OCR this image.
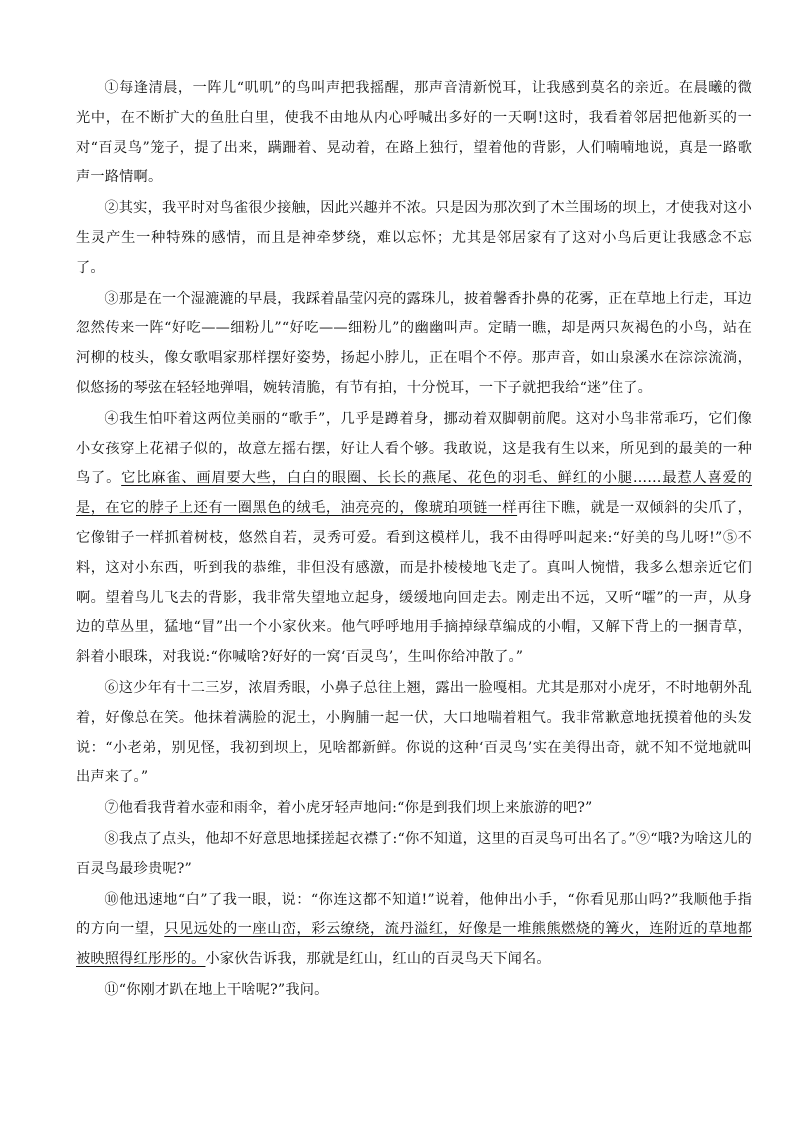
①每逢清晨，一阵儿“叽叽”的鸟叫声把我摇醒，那声音清新悦耳，让我感到莫名的亲近。在晨曦的微光中，在不断扩大的鱼肚白里，使我不由地从内心呼喊出多好的一天啊!这时，我看着邻居把他新买的一对“百灵鸟”笼子，提了出来，蹒跚着、晃动着，在路上独行，望着他的背影，人们喃喃地说，真是一路歌声一路情啊。

②其实，我平时对鸟雀很少接触，因此兴趣并不浓。只是因为那次到了木兰围场的坝上，才使我对这小生灵产生一种特殊的感情，而且是神牵梦绕，难以忘怀；尤其是邻居家有了这对小鸟后更让我感念不忘了。

③那是在一个湿漉漉的早晨，我踩着晶莹闪亮的露珠儿，披着馨香扑鼻的花雾，正在草地上行走，耳边忽然传来一阵“好吃——细粉儿”“好吃——细粉儿”的幽幽叫声。定睛一瞧，却是两只灰褐色的小鸟，站在河柳的枝头，像女歌唱家那样摆好姿势，扬起小脖儿，正在唱个不停。那声音，如山泉溪水在淙淙流淌，似悠扬的琴弦在轻轻地弹唱，婉转清脆，有节有拍，十分悦耳，一下子就把我给“迷”住了。

④我生怕吓着这两位美丽的“歌手”，几乎是蹲着身，挪动着双脚朝前爬。这对小鸟非常乖巧，它们像小女孩穿上花裙子似的，故意左摇右摆，好让人看个够。我敢说，这是我有生以来，所见到的最美的一种鸟了。它比麻雀、画眉要大些，白白的眼圈、长长的燕尾、花色的羽毛、鲜红的小腿……最惹人喜爱的是，在它的脖子上还有一圈黑色的绒毛，油亮亮的，像琥珀项链一样再往下瞧，就是一双倾斜的尖爪了，它像钳子一样抓着树枝，悠然自若，灵秀可爱。看到这模样儿，我不由得呼叫起来:“好美的鸟儿呀!”⑤不料，这对小东西，听到我的恭维，非但没有感激，而是扑棱棱地飞走了。真叫人惋惜，我多么想亲近它们啊。望着鸟儿飞去的背影，我非常失望地立起身，缓缓地向回走去。刚走出不远，又听“嚯”的一声，从身边的草丛里，猛地“冒”出一个小家伙来。他气呼呼地用手摘掉绿草编成的小帽，又解下背上的一捆青草，斜着小眼珠，对我说:“你喊啥?好好的一窝‘百灵鸟’，生叫你给冲散了。”

⑥这少年有十二三岁，浓眉秀眼，小鼻子总往上翘，露出一脸嘎相。尤其是那对小虎牙，不时地朝外乱着，好像总在笑。他抹着满脸的泥土，小胸脯一起一伏，大口地喘着粗气。我非常歉意地抚摸着他的头发说：“小老弟，别见怪，我初到坝上，见啥都新鲜。你说的这种‘百灵鸟’实在美得出奇，就不知不觉地就叫出声来了。”

⑦他看我背着水壶和雨伞，着小虎牙轻声地问:“你是到我们坝上来旅游的吧?”

⑧我点了点头，他却不好意思地揉搓起衣襟了:“你不知道，这里的百灵鸟可出名了。”⑨“哦?为啥这儿的百灵鸟最珍贵呢?”

⑩他迅速地“白”了我一眼，说：“你连这都不知道!”说着，他伸出小手，“你看见那山吗?”我顺他手指的方向一望，只见远处的一座山峦，彩云缭绕，流丹溢红，好像是一堆熊熊燃烧的篝火，连附近的草地都被映照得红彤彤的。小家伙告诉我，那就是红山，红山的百灵鸟天下闻名。

⑪“你刚才趴在地上干啥呢?”我问。
